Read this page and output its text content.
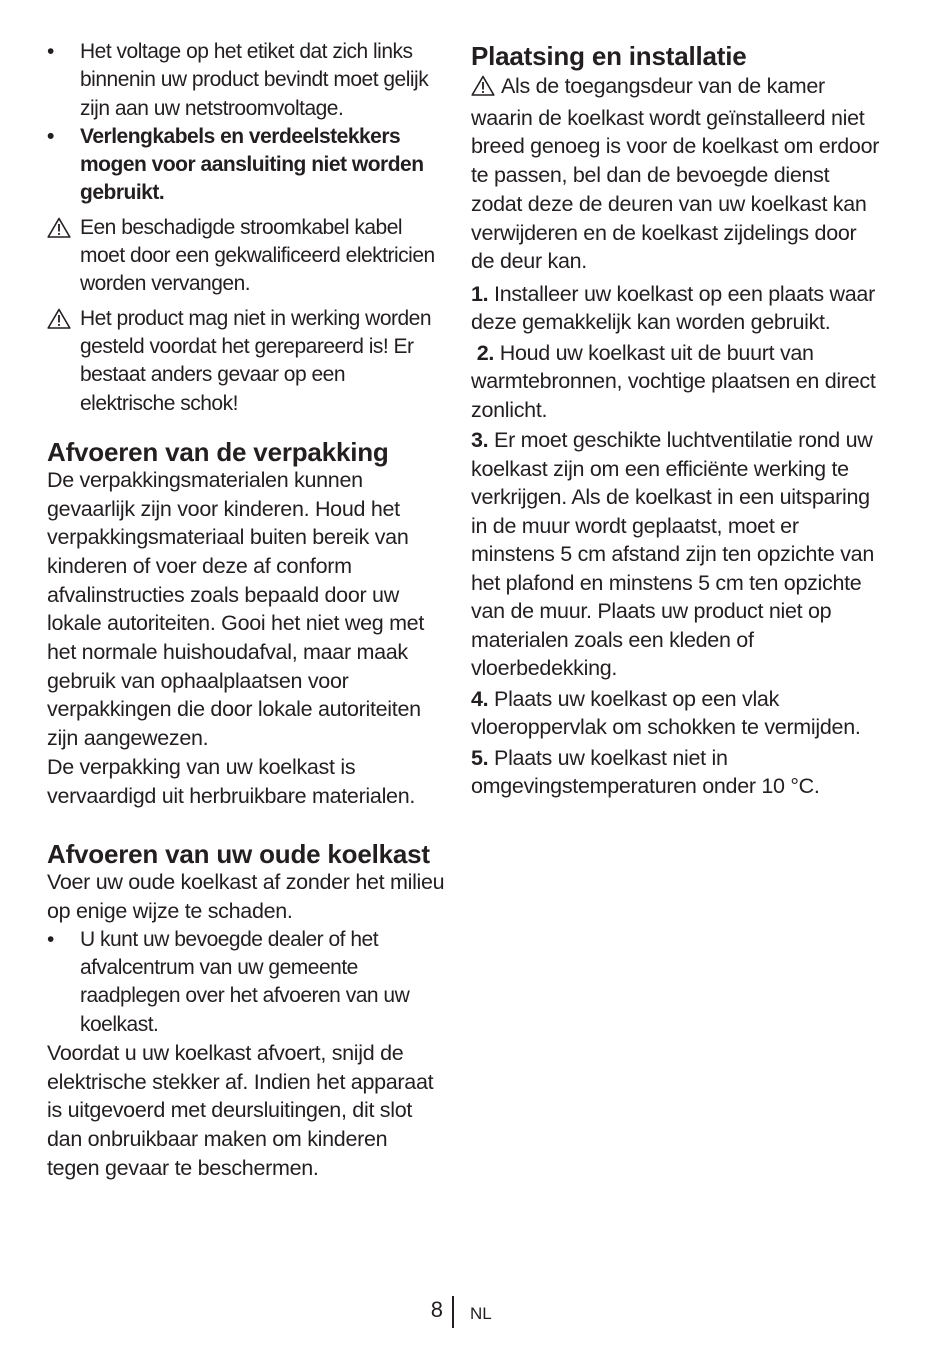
•	Het voltage op het etiket dat zich links binnenin uw product bevindt moet gelijk zijn aan uw netstroomvoltage.
•	Verlengkabels en verdeelstekkers mogen voor aansluiting niet worden gebruikt.
Een beschadigde stroomkabel kabel moet door een gekwalificeerd elektricien worden vervangen.
Het product mag niet in werking worden gesteld voordat het gerepareerd is! Er bestaat anders gevaar op een elektrische schok!
Afvoeren van de verpakking

De verpakkingsmaterialen kunnen gevaarlijk zijn voor kinderen. Houd het verpakkingsmateriaal buiten bereik van kinderen of voer deze af conform afvalinstructies zoals bepaald door uw lokale autoriteiten. Gooi het niet weg met het normale huishoudafval, maar maak gebruik van ophaalplaatsen voor verpakkingen die door lokale autoriteiten zijn aangewezen.

De verpakking van uw koelkast is vervaardigd uit herbruikbare materialen.

Afvoeren van uw oude koelkast

Voer uw oude koelkast af zonder het milieu op enige wijze te schaden.

•	U kunt uw bevoegde dealer of het afvalcentrum van uw gemeente raadplegen over het afvoeren van uw koelkast.

Voordat u uw koelkast afvoert, snijd de elektrische stekker af. Indien het apparaat is uitgevoerd met deursluitingen, dit slot dan onbruikbaar maken om kinderen tegen gevaar te beschermen.

Plaatsing en installatie

Als de toegangsdeur van de kamer waarin de koelkast wordt geïnstalleerd niet breed genoeg is voor de koelkast om erdoor te passen, bel dan de bevoegde dienst zodat deze de deuren van uw koelkast kan verwijderen en de koelkast zijdelings door de deur kan.

1. Installeer uw koelkast op een plaats waar deze gemakkelijk kan worden gebruikt.

2. Houd uw koelkast uit de buurt van warmtebronnen, vochtige plaatsen en direct zonlicht.

3. Er moet geschikte luchtventilatie rond uw koelkast zijn om een efficiënte werking te verkrijgen. Als de koelkast in een uitsparing in de muur wordt geplaatst, moet er minstens 5 cm afstand zijn ten opzichte van het plafond en minstens 5 cm ten opzichte van de muur. Plaats uw product niet op materialen zoals een kleden of vloerbedekking.

4. Plaats uw koelkast op een vlak vloeroppervlak om schokken te vermijden.

5. Plaats uw koelkast niet in omgevingstemperaturen onder 10 °C.

8 NL
